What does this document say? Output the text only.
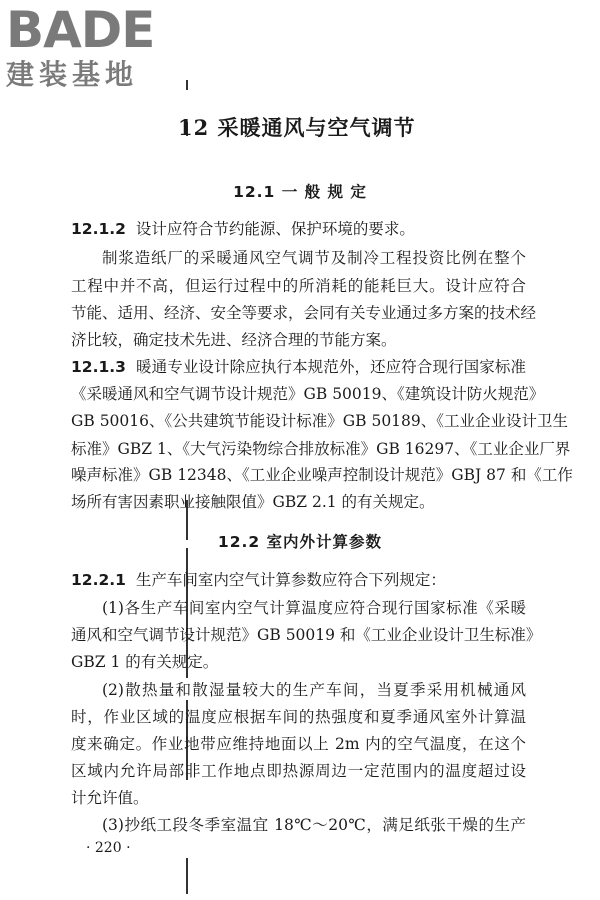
BADE
建装基地
12 采暖通风与空气调节
12.1 一 般 规 定
12.1.2 设计应符合节约能源、保护环境的要求。
制浆造纸厂的采暖通风空气调节及制冷工程投资比例在整个
工程中并不高，但运行过程中的所消耗的能耗巨大。设计应符合
节能、适用、经济、安全等要求，会同有关专业通过多方案的技术经
济比较，确定技术先进、经济合理的节能方案。
12.1.3 暖通专业设计除应执行本规范外，还应符合现行国家标准
《采暖通风和空气调节设计规范》GB 50019、《建筑设计防火规范》
GB 50016、《公共建筑节能设计标准》GB 50189、《工业企业设计卫生
标准》GBZ 1、《大气污染物综合排放标准》GB 16297、《工业企业厂界
噪声标准》GB 12348、《工业企业噪声控制设计规范》GBJ 87 和《工作
场所有害因素职业接触限值》GBZ 2.1 的有关规定。
12.2 室内外计算参数
12.2.1 生产车间室内空气计算参数应符合下列规定：
(1)各生产车间室内空气计算温度应符合现行国家标准《采暖
通风和空气调节设计规范》GB 50019 和《工业企业设计卫生标准》
GBZ 1 的有关规定。
(2)散热量和散湿量较大的生产车间，当夏季采用机械通风
时，作业区域的温度应根据车间的热强度和夏季通风室外计算温
度来确定。作业地带应维持地面以上 2m 内的空气温度，在这个
区域内允许局部非工作地点即热源周边一定范围内的温度超过设
计允许值。
(3)抄纸工段冬季室温宜 18℃～20℃，满足纸张干燥的生产
· 220 ·
